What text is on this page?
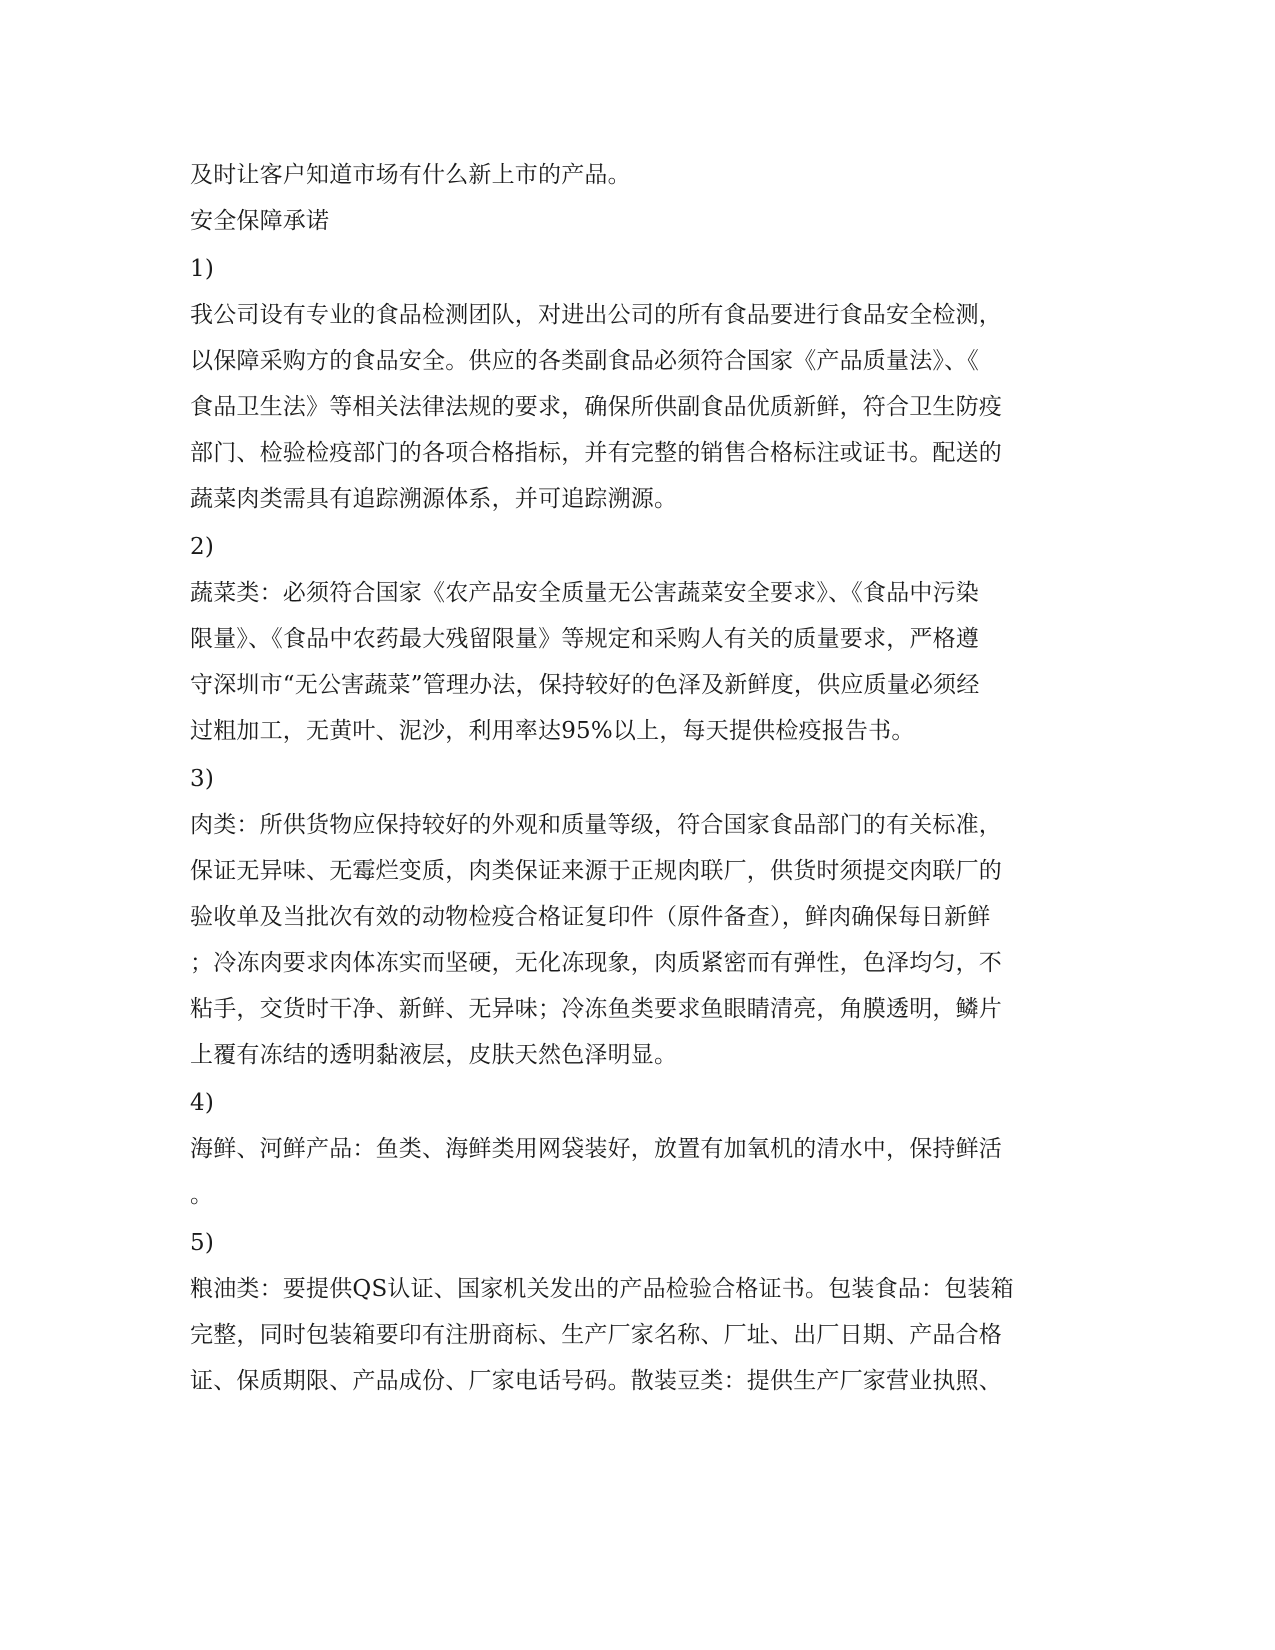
及时让客户知道市场有什么新上市的产品。
安全保障承诺
1)
我公司设有专业的食品检测团队，对进出公司的所有食品要进行食品安全检测，
以保障采购方的食品安全。供应的各类副食品必须符合国家《产品质量法》、《
食品卫生法》等相关法律法规的要求，确保所供副食品优质新鲜，符合卫生防疫
部门、检验检疫部门的各项合格指标，并有完整的销售合格标注或证书。配送的
蔬菜肉类需具有追踪溯源体系，并可追踪溯源。
2)
蔬菜类：必须符合国家《农产品安全质量无公害蔬菜安全要求》、《食品中污染
限量》、《食品中农药最大残留限量》等规定和采购人有关的质量要求，严格遵
守深圳市“无公害蔬菜”管理办法，保持较好的色泽及新鲜度，供应质量必须经
过粗加工，无黄叶、泥沙，利用率达95%以上，每天提供检疫报告书。
3)
肉类：所供货物应保持较好的外观和质量等级，符合国家食品部门的有关标准，
保证无异味、无霉烂变质，肉类保证来源于正规肉联厂，供货时须提交肉联厂的
验收单及当批次有效的动物检疫合格证复印件（原件备查），鲜肉确保每日新鲜
；冷冻肉要求肉体冻实而坚硬，无化冻现象，肉质紧密而有弹性，色泽均匀，不
粘手，交货时干净、新鲜、无异味；冷冻鱼类要求鱼眼睛清亮，角膜透明，鳞片
上覆有冻结的透明黏液层，皮肤天然色泽明显。
4)
海鲜、河鲜产品：鱼类、海鲜类用网袋装好，放置有加氧机的清水中，保持鲜活
。
5)
粮油类：要提供QS认证、国家机关发出的产品检验合格证书。包装食品：包装箱
完整，同时包装箱要印有注册商标、生产厂家名称、厂址、出厂日期、产品合格
证、保质期限、产品成份、厂家电话号码。散装豆类：提供生产厂家营业执照、
